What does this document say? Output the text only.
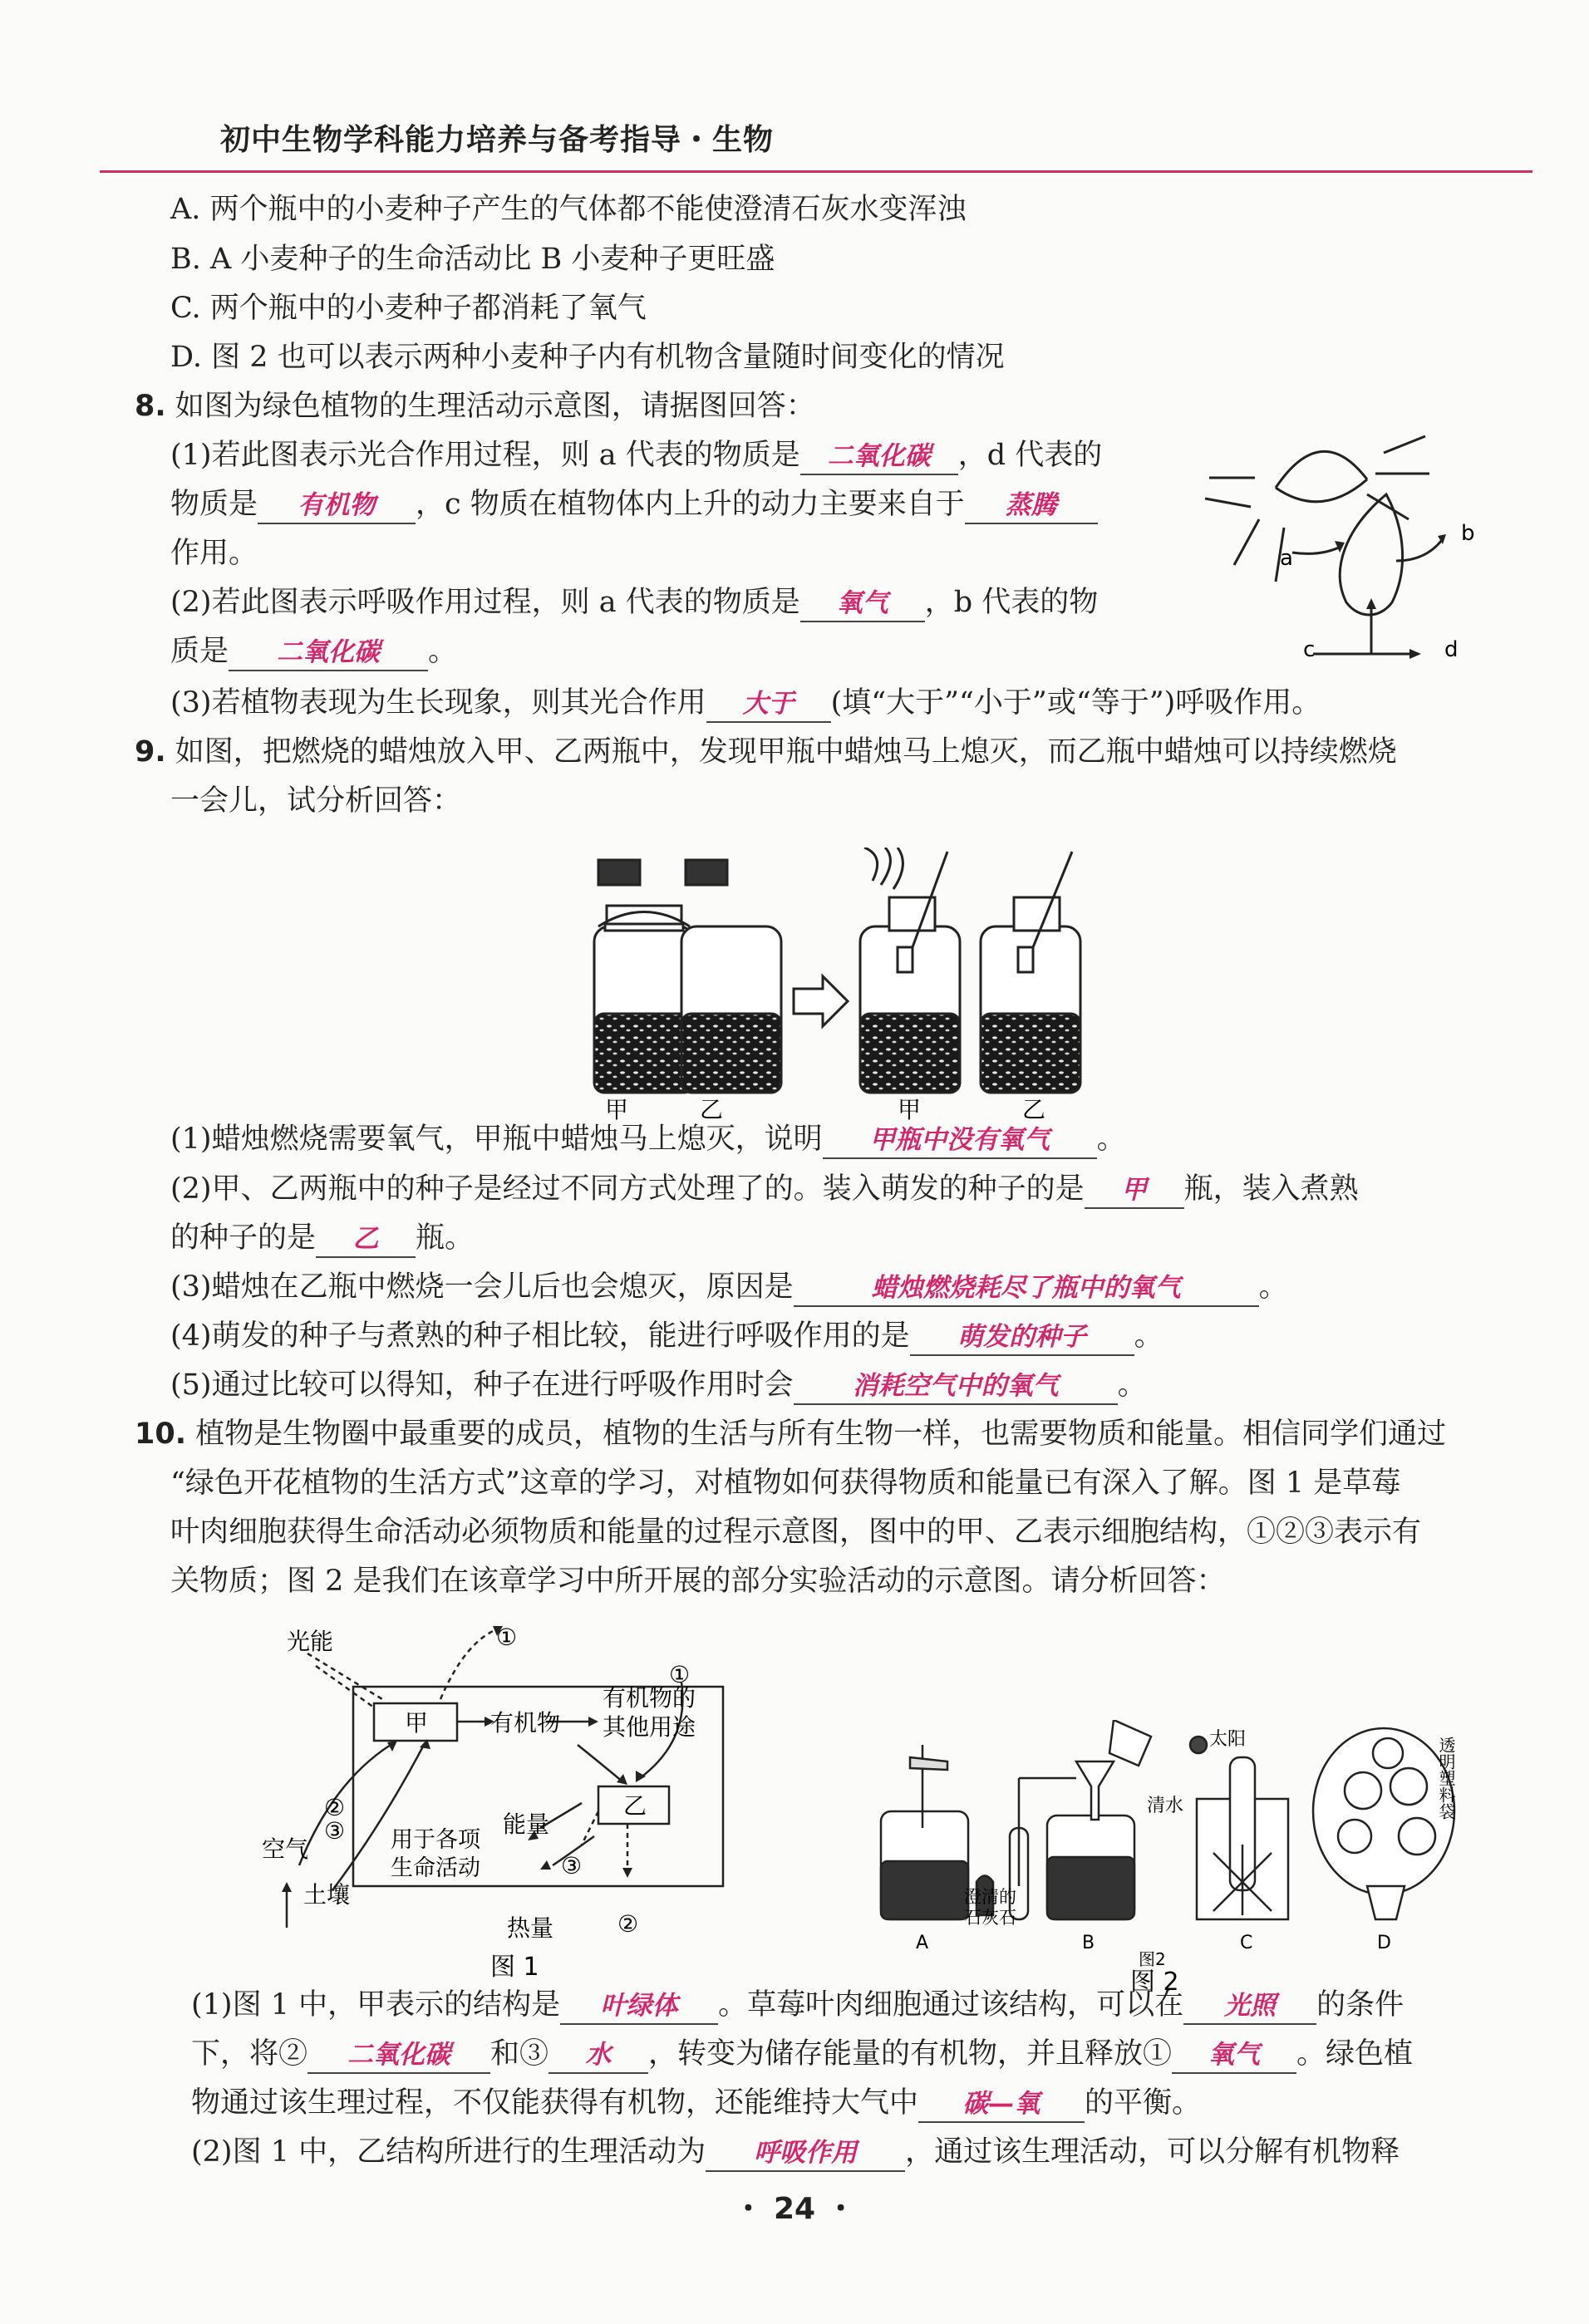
初中生物学科能力培养与备考指导・生物
A. 两个瓶中的小麦种子产生的气体都不能使澄清石灰水变浑浊
B. A 小麦种子的生命活动比 B 小麦种子更旺盛
C. 两个瓶中的小麦种子都消耗了氧气
D. 图 2 也可以表示两种小麦种子内有机物含量随时间变化的情况
8. 如图为绿色植物的生理活动示意图，请据图回答：
(1)若此图表示光合作用过程，则 a 代表的物质是 二氧化碳 ，d 代表的
物质是 有机物 ，c 物质在植物体内上升的动力主要来自于 蒸腾
作用。
(2)若此图表示呼吸作用过程，则 a 代表的物质是 氧气 ，b 代表的物
质是 二氧化碳 。
(3)若植物表现为生长现象，则其光合作用 大于 (填“大于”“小于”或“等于”)呼吸作用。
a
b
c	d
9. 如图，把燃烧的蜡烛放入甲、乙两瓶中，发现甲瓶中蜡烛马上熄灭，而乙瓶中蜡烛可以持续燃烧
一会儿，试分析回答：
甲	乙	甲	乙
(1)蜡烛燃烧需要氧气，甲瓶中蜡烛马上熄灭，说明 甲瓶中没有氧气 。
(2)甲、乙两瓶中的种子是经过不同方式处理了的。装入萌发的种子的是 甲 瓶，装入煮熟
的种子的是 乙 瓶。
(3)蜡烛在乙瓶中燃烧一会儿后也会熄灭，原因是	蜡烛燃烧耗尽了瓶中的氧气	。
(4)萌发的种子与煮熟的种子相比较，能进行呼吸作用的是 萌发的种子 。
(5)通过比较可以得知，种子在进行呼吸作用时会 消耗空气中的氧气 。
10. 植物是生物圈中最重要的成员，植物的生活与所有生物一样，也需要物质和能量。相信同学们通过
“绿色开花植物的生活方式”这章的学习，对植物如何获得物质和能量已有深入了解。图 1 是草莓
叶肉细胞获得生命活动必须物质和能量的过程示意图，图中的甲、乙表示细胞结构，①②③表示有
关物质；图 2 是我们在该章学习中所开展的部分实验活动的示意图。请分析回答：
光能
甲	有机物
有机物的
其他用途
乙
能量
用于各项
生命活动
空气
土壤
热量
①
①
②
③
③
②
图 1
清水
太阳	透明塑料袋
澄清的
石灰石
A	B	C	D
图2
图 2
(1)图 1 中，甲表示的结构是 叶绿体 。草莓叶肉细胞通过该结构，可以在 光照 的条件
下，将② 二氧化碳 和③ 水 ，转变为储存能量的有机物，并且释放① 氧气 。绿色植
物通过该生理过程，不仅能获得有机物，还能维持大气中 碳—氧 的平衡。
(2)图 1 中，乙结构所进行的生理活动为 呼吸作用 ，通过该生理活动，可以分解有机物释
・ 24 ・
